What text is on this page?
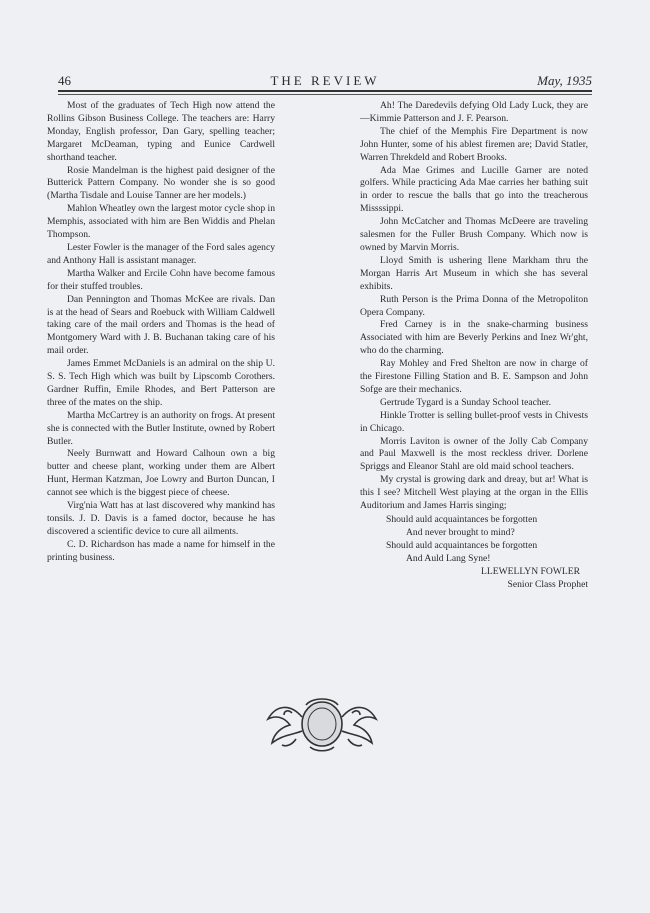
46	THE REVIEW	May, 1935

Most of the graduates of Tech High now attend the Rollins Gibson Business College. The teachers are: Harry Monday, English professor, Dan Gary, spelling teacher; Margaret McDeaman, typing and Eunice Cardwell shorthand teacher.

Rosie Mandelman is the highest paid designer of the Butterick Pattern Company. No wonder she is so good (Martha Tisdale and Louise Tanner are her models.)

Mahlon Wheatley own the largest motor cycle shop in Memphis, associated with him are Ben Widdis and Phelan Thompson.

Lester Fowler is the manager of the Ford sales agency and Anthony Hall is assistant manager.

Martha Walker and Ercile Cohn have become famous for their stuffed troubles.

Dan Pennington and Thomas McKee are rivals. Dan is at the head of Sears and Roebuck with William Caldwell taking care of the mail orders and Thomas is the head of Montgomery Ward with J. B. Buchanan taking care of his mail order.

James Emmet McDaniels is an admiral on the ship U. S. S. Tech High which was built by Lipscomb Corothers. Gardner Ruffin, Emile Rhodes, and Bert Patterson are three of the mates on the ship.

Martha McCartrey is an authority on frogs. At present she is connected with the Butler Institute, owned by Robert Butler.

Neely Burnwatt and Howard Calhoun own a big butter and cheese plant, working under them are Albert Hunt, Herman Katzman, Joe Lowry and Burton Duncan, I cannot see which is the biggest piece of cheese.

Virg'nia Watt has at last discovered why mankind has tonsils. J. D. Davis is a famed doctor, because he has discovered a scientific device to cure all ailments.

C. D. Richardson has made a name for himself in the printing business.

Ah! The Daredevils defying Old Lady Luck, they are—Kimmie Patterson and J. F. Pearson.

The chief of the Memphis Fire Department is now John Hunter, some of his ablest firemen are; David Statler, Warren Threkdeld and Robert Brooks.

Ada Mae Grimes and Lucille Garner are noted golfers. While practicing Ada Mae carries her bathing suit in order to rescue the balls that go into the treacherous Missssippi.

John McCatcher and Thomas McDeere are traveling salesmen for the Fuller Brush Company. Which now is owned by Marvin Morris.

Lloyd Smith is ushering Ilene Markham thru the Morgan Harris Art Museum in which she has several exhibits.

Ruth Person is the Prima Donna of the Metropoliton Opera Company.

Fred Carney is in the snake-charming business Associated with him are Beverly Perkins and Inez Wr'ght, who do the charming.

Ray Mohley and Fred Shelton are now in charge of the Firestone Filling Station and B. E. Sampson and John Sofge are their mechanics.

Gertrude Tygard is a Sunday School teacher.

Hinkle Trotter is selling bullet-proof vests in Chivests in Chicago.

Morris Laviton is owner of the Jolly Cab Company and Paul Maxwell is the most reckless driver. Dorlene Spriggs and Eleanor Stahl are old maid school teachers.

My crystal is growing dark and dreay, but ar! What is this I see? Mitchell West playing at the organ in the Ellis Auditorium and James Harris singing;

Should auld acquaintances be forgotten
And never brought to mind?
Should auld acquaintances be forgotten
And Auld Lang Syne!
LLEWELLYN FOWLER
Senior Class Prophet
